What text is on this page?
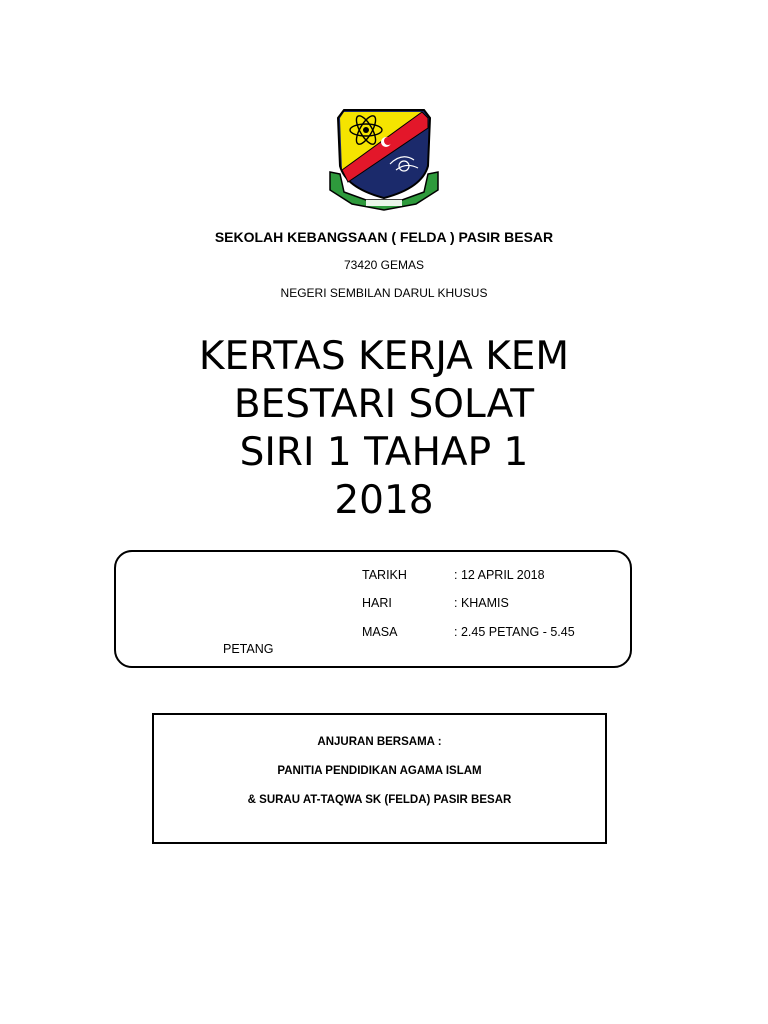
SEKOLAH KEBANGSAAN ( FELDA ) PASIR BESAR
73420 GEMAS
NEGERI SEMBILAN DARUL KHUSUS
KERTAS KERJA KEM
BESTARI SOLAT
SIRI 1 TAHAP 1
2018
TARIKH	: 12 APRIL 2018
HARI	: KHAMIS
MASA	: 2.45 PETANG - 5.45
PETANG
ANJURAN BERSAMA :
PANITIA PENDIDIKAN AGAMA ISLAM
& SURAU AT-TAQWA SK (FELDA) PASIR BESAR
